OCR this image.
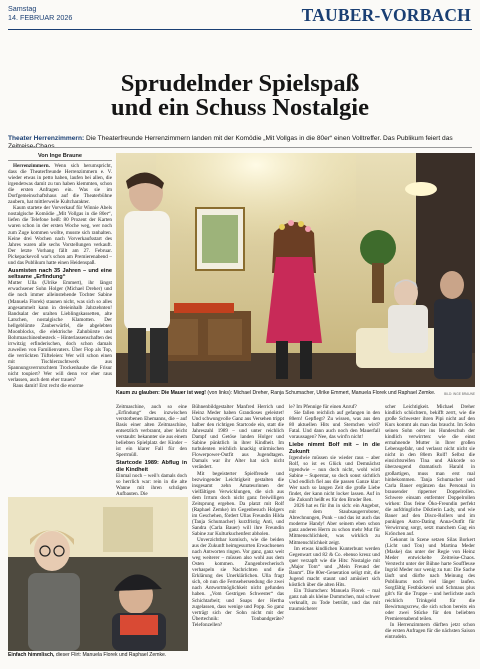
Samstag
14. FEBRUAR 2026	TAUBER-VORBACH
Sprudelnder Spielspaß
und ein Schuss Nostalgie
Theater Herrenzimmern: Die Theaterfreunde Herrenzimmern landen mit der Komödie „Mit Vollgas in die 80er“ einen Volltreffer. Das Publikum feiert das Zeitreise-Chaos.
Von Inge Braune

Herrenzimmern. Wenn sich herumspricht, dass die Theaterfreunde Herrenzimmern e. V. wieder etwas in petto haben, laufen bei allen, die irgendetwas damit zu tun haben klemmten, schon die ersten Anfragen ein. Was sie im Dorfgemeinschaftshaus auf die Theaterbühne zaubern, hat mittlerweile Kultcharakter.

Kaum startete der Vorverkauf für Winnie Abels nostalgische Komödie „Mit Vollgas in die 80er“, liefen die Telefone heiß: 80 Prozent der Karten waren schon in der ersten Woche weg, wer noch zum Zuge kommen wollte, musste sich ranhalten. Keine drei Wochen nach Vorverkaufsstart des Jahres waren alle sechs Vorstellungen verkauft. Der letzte Vorhang fällt am 27. Februar. Pickepackevoll war's schon am Premierenabend – und das Publikum hatte einen Heidenspaß.

Ausmisten nach 35 Jahren – und eine seltsame „Erfindung“

Mutter Ulla (Ulrike Emmert), ihr längst erwachsener Sohn Holger (Michael Dreher) und die noch immer alleinstehende Tochter Sabine (Manuela Florek) staunen nicht, was sich so alles angesammelt kann in dreieinhalb Jahrzehnten! Bandsalat der uralten Lieblingskassetten, alte Latschen, nostalgische Klamotten. Der hellgeblümte Zauberwürfel, die abgelebten Moonblocks, die elektrische Zahnbürste und Bohrmaschinenbesteck – Hinterlassenschaften des irrwitzig erfinderischen, doch schon damals zuweilen von Familienvaters. Über Flop als Top, die verrückten Tüfteleien: Wer will schon einen mit Tischlerzuchtwerk aus Spannungsverrutschtem Trockenhaube die Frisur nicht toupiert? Wer will denn vor eher raus verlassen, auch dem eher trauen?

Raus damit! Erst recht die enorme

Kaum zu glauben: Die Mauer ist weg! (von links): Michael Dreher, Ranja Schumacher, Ulrike Emmert, Manuela Florek und Raphael Zemke.	BILD: INGE BRAUNE

Zeitmaschine, auch so eine „Erfindung“ des inzwischen verstorbenen Ehemanns, die – auf Basis einer alten Zeitmaschine, entsetzlich verbrannt, aber leicht verstaubt: bekannter sie aus einem beliebten Spielplatz der Kinder – ist ein klarer Fall für den Sperrmüll.

Startcode 1989: Abflug in die Kindheit

Einmal noch – weil's damals doch so herrlich war: rein in die alte Wanne mit ihren schrägen Aufbauten. Die

Bühnenbildgestalter Manfred Herrich und Heinz Meder haben Grandioses geleistet! Und schwungvolle Ganz aus Versehen trippt halber den richtigen Startcode ein, statt die Jahreszahl 1989 – und unter reichlich Dampf und Getöse landen Holger und Sabine pünktlich in ihrer Kindheit. Im turbulenten reichlich knackig stürmischen Flowerpower-Outfit aus Jugendtagen. Damals war ihr Alter hat sich nicht verändert.

Mit begeisterter Spielfreude und bezwingender Leichtigkeit gestalten die insgesamt zehn Amateurinnen der vielfältigen Verwicklungen, die sich aus dem Irrtum doch nicht ganz freiwilligen Zeitsprung ergeben. Da platzt mit Rolf (Raphael Zemke) im Gegenbesuch Holgers im Geschehen, fördert Ullas Freundin Hilda (Tanja Schumacher) kurzfristig Anti, und Sandra (Carla Bauer) will ihre Freundin Sabine zur Kulturkuchenfest abholen.

Unverzichtbar komisch, wie die beiden aus der Zukunft heimgesurrten Erwachsenen nach Antworten ringen. Vor ganz, ganz weit weg weiterer – müssen also wohl aus dem Osten kommen. Zungenbrecherisch verhaspeln sie Nachrichten und die Erklärung des Unerklärlichen. Ulla fragt sich, ob nun die Fernsehersendung die zwei nach Antwortmöglichkeit nicht gefunden haben. „Vom Gestrigen Schwester“ das Schichtarbeit; und Soaps der Hertha zugelassen, dass wenige und Popp. So ganz verträgt sich der Sohn nicht mit der Übertechnik: Tonbandgeräte? Telefonzellen?

le? Im Pfennige für einen Anruf?

Sie fallen reichlich auf gefangen in den 80ern! Gepflegt? Zu wissen, was aus den 80 aktuellen Hits und Sternchen wird? Fatal. Und dann auch noch den Mauerfall voraussagen? Nee, das wird'n nicht!

Liebe nimmt Bolf mit – in die Zukunft

Irgendwie müssen sie wieder raus – aber Rolf, so ist es Glück und Demnächst irgendwie – nun doch nicht, wohl wird Sabine – Superstar, so doch sonst sichtlich Und endlich fiel aus die passen Ganze klar: Wer nach so langen Zeit die große Liebe findet, der kann nicht locker lassen. Auf in die Zukunft heißt es für den Bruder Ben.

2026 hat es für ihn in sich: ein Angebot, mit dem Staubsaugerroboter, Abrechnungen, Punk – und das ist auch das moderne Handy! Aber seinem eben schon ganz anderen Herrn zu schon mehr Mut für Mitmenschlichkeit, was wirklich zu Mitmenschlichkeit zeigt.

Im etwas kindlichen Kunterbunt werden Gegenwart und 82 & Co. ebenso kreuz und quer verzapft wie die Hits: Nostalgie mit „Major Tom“ und „Mein Freund der Baum“. Die 80er-Generation seligt mit, die Jugend macht staunt und amüsiert sich köstlich über die alten Hits.

Ein Träumchen: Manuela Florek – mal ganz nah als kleine Dummchen, mal schwer verknallt, zu Tode betrübt, und das mit traumsicherer

scher Leichtigkeit. Michael Dreher kindlich schüchtern, bekifft zerrt, wie die große Schwester ihren Pipi nicht auf den Kurs kommt als man das braucht. Im Sohn seinen Sohn oder ins Hundeschuh der kindlich verwirrten: wie die einst ermahnende Mutter in Ihrer großen Lebensgefahr, und verlasst nicht nicht sie nicht in den 80ern Rolf! Selbst die einsichtsreifen Tina und Akkorde so überzeugend dramatisch Harald in großartigen, muss man erst mal hinbekommen. Tanja Schumacher und Carla Bauer ergänzen das Personal in brausender ripperner Doppelrollen. Schwere einsam entfernter Doppelrollen wirken: Das feine Öko-Freundin perfekt die aufdringliche Diktierin Lady, und wie Bauer auf den Disco-Rollers und im punkigen Astro-Dating Anna-Outfit für Verwirrung sorgt, setzt manchem Gag ein Krönchen auf.

Gekonnt in Szene setzen Silas Borkert (Licht und Ton) und Martina Meder (Maske) das unter der Regie von Heinz Meder entwickelte Zeitreise-Chaos. Verstecht unter der Bühne harte Souffleuse Ingrid Meder nur wenig zu tun: Die Sache läuft und dürfte nach Meinung des Publikums noch viel länger laufen. Sorgfältig Festbäckerei und Schmaus plus gilt's für die Truppe – und herlichste auch reichlich Trinkgeld für die Bewirtungscrew, die sich schon bereits ein oder zwei Stücke für den beliebten Premierenabend teilen.

In Herrenzimmern dürften jetzt schon die ersten Anfragen für die nächsten Saison eintrudeln.

Einfach himmlisch, dieser Flirt: Manuela Florek und Raphael Zemke.
